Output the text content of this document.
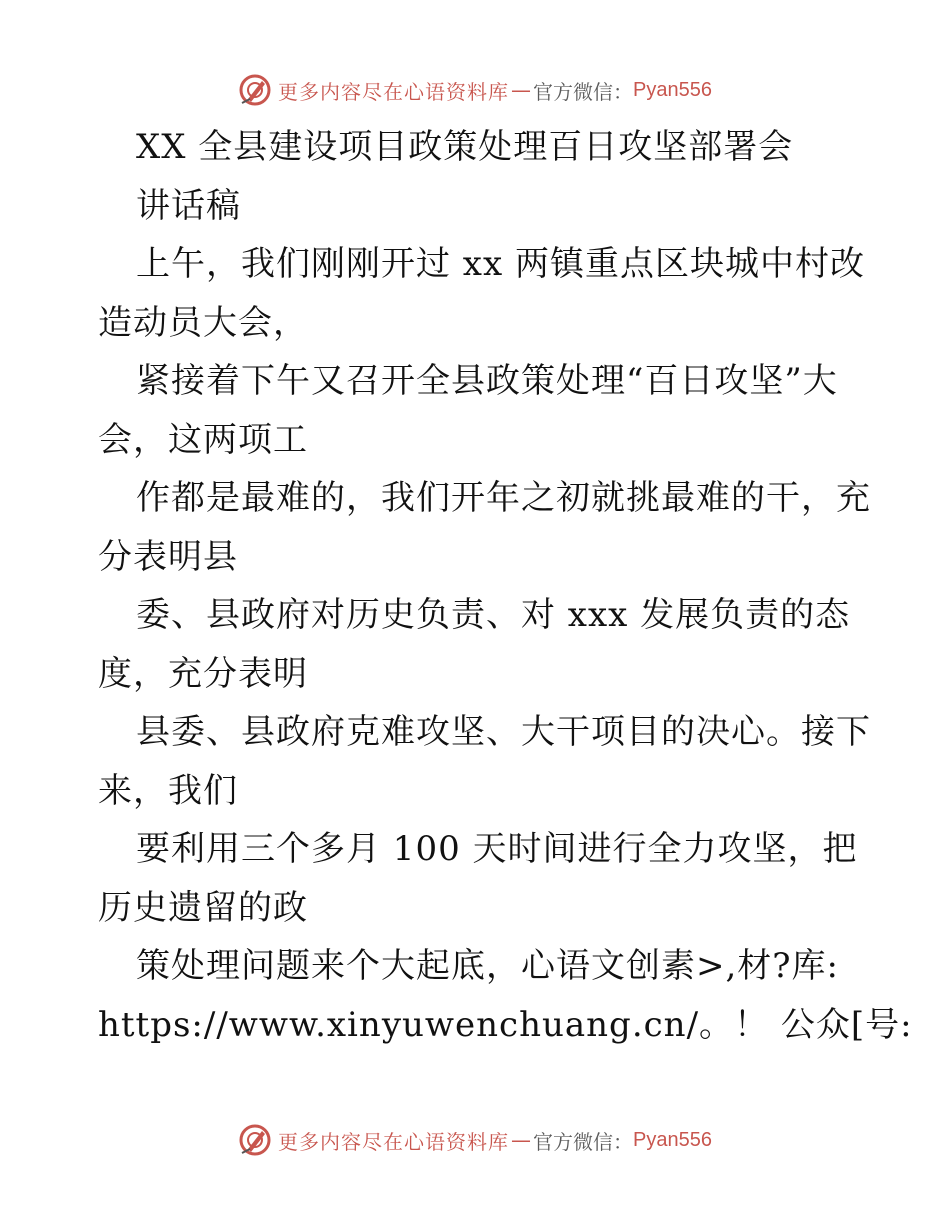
更多内容尽在心语资料库 — 官方微信： Pyan556
XX 全县建设项目政策处理百日攻坚部署会
讲话稿
上午，我们刚刚开过 xx 两镇重点区块城中村改
造动员大会，
紧接着下午又召开全县政策处理“百日攻坚”大
会，这两项工
作都是最难的，我们开年之初就挑最难的干，充
分表明县
委、县政府对历史负责、对 xxx 发展负责的态
度，充分表明
县委、县政府克难攻坚、大干项目的决心。接下
来，我们
要利用三个多月 100 天时间进行全力攻坚，把
历史遗留的政
策处理问题来个大起底，心语文创素>,材?库:
https://www.xinyuwenchuang.cn/。！ 公众[号:
更多内容尽在心语资料库 — 官方微信： Pyan556
